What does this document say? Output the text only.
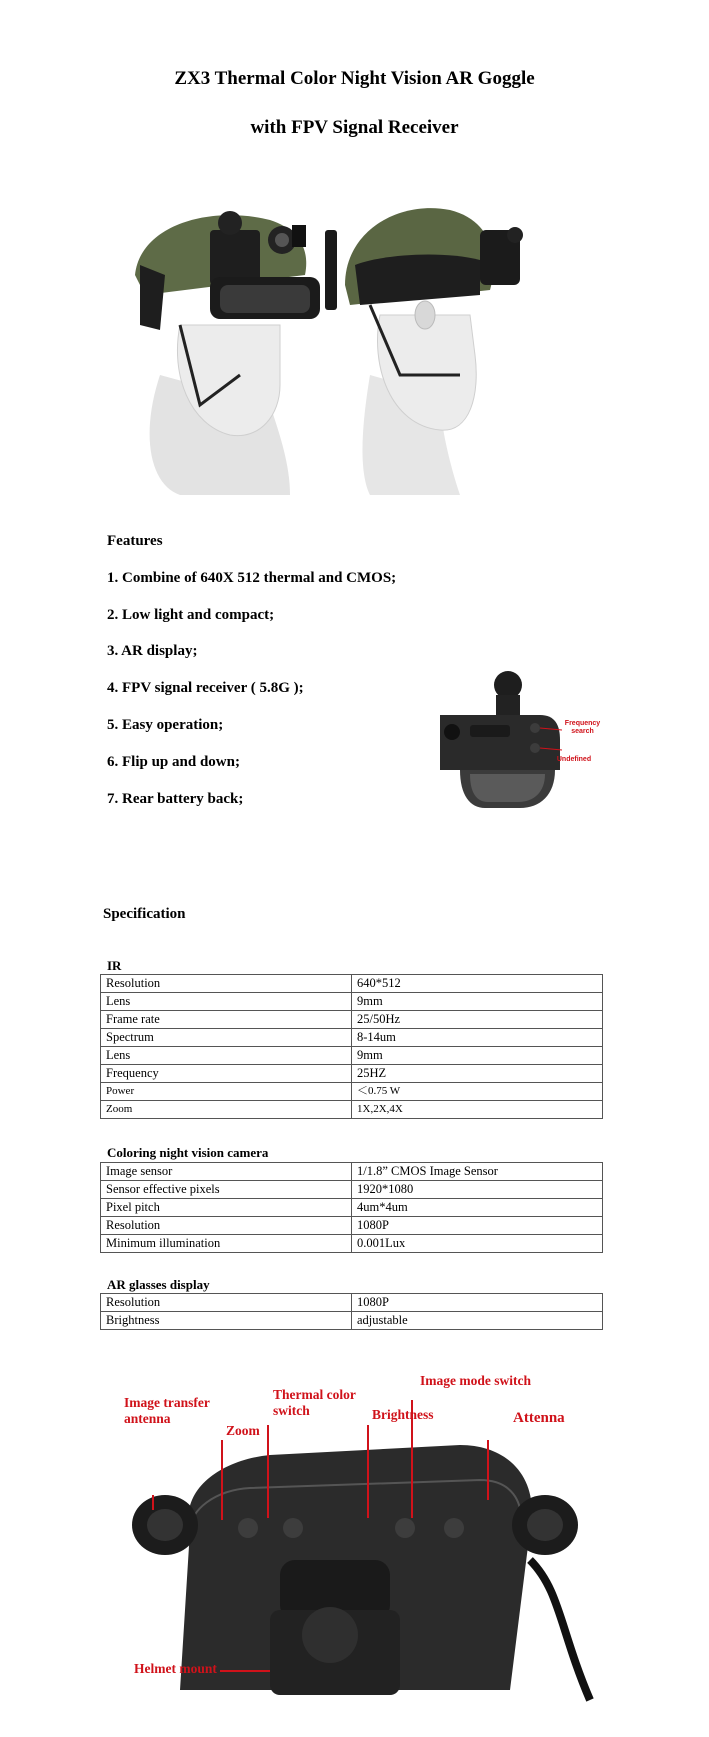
ZX3 Thermal Color Night Vision AR Goggle
with FPV Signal Receiver
Features
1. Combine of 640X 512 thermal and CMOS;
2. Low light and compact;
3. AR display;
4. FPV signal receiver ( 5.8G );
5. Easy operation;
6. Flip up and down;
7. Rear battery back;
Frequency search
Undefined
Specification
IR
Resolution	640*512
Lens	9mm
Frame rate	25/50Hz
Spectrum	8-14um
Lens	9mm
Frequency	25HZ
Power	＜0.75 W
Zoom	1X,2X,4X
Coloring night vision camera
Image sensor	1/1.8” CMOS Image Sensor
Sensor effective pixels	1920*1080
Pixel pitch	4um*4um
Resolution	1080P
Minimum illumination	0.001Lux
AR glasses display
Resolution	1080P
Brightness	adjustable
Image transfer antenna
Zoom
Thermal color switch	Brightness
Image mode switch
Attenna
Helmet mount
